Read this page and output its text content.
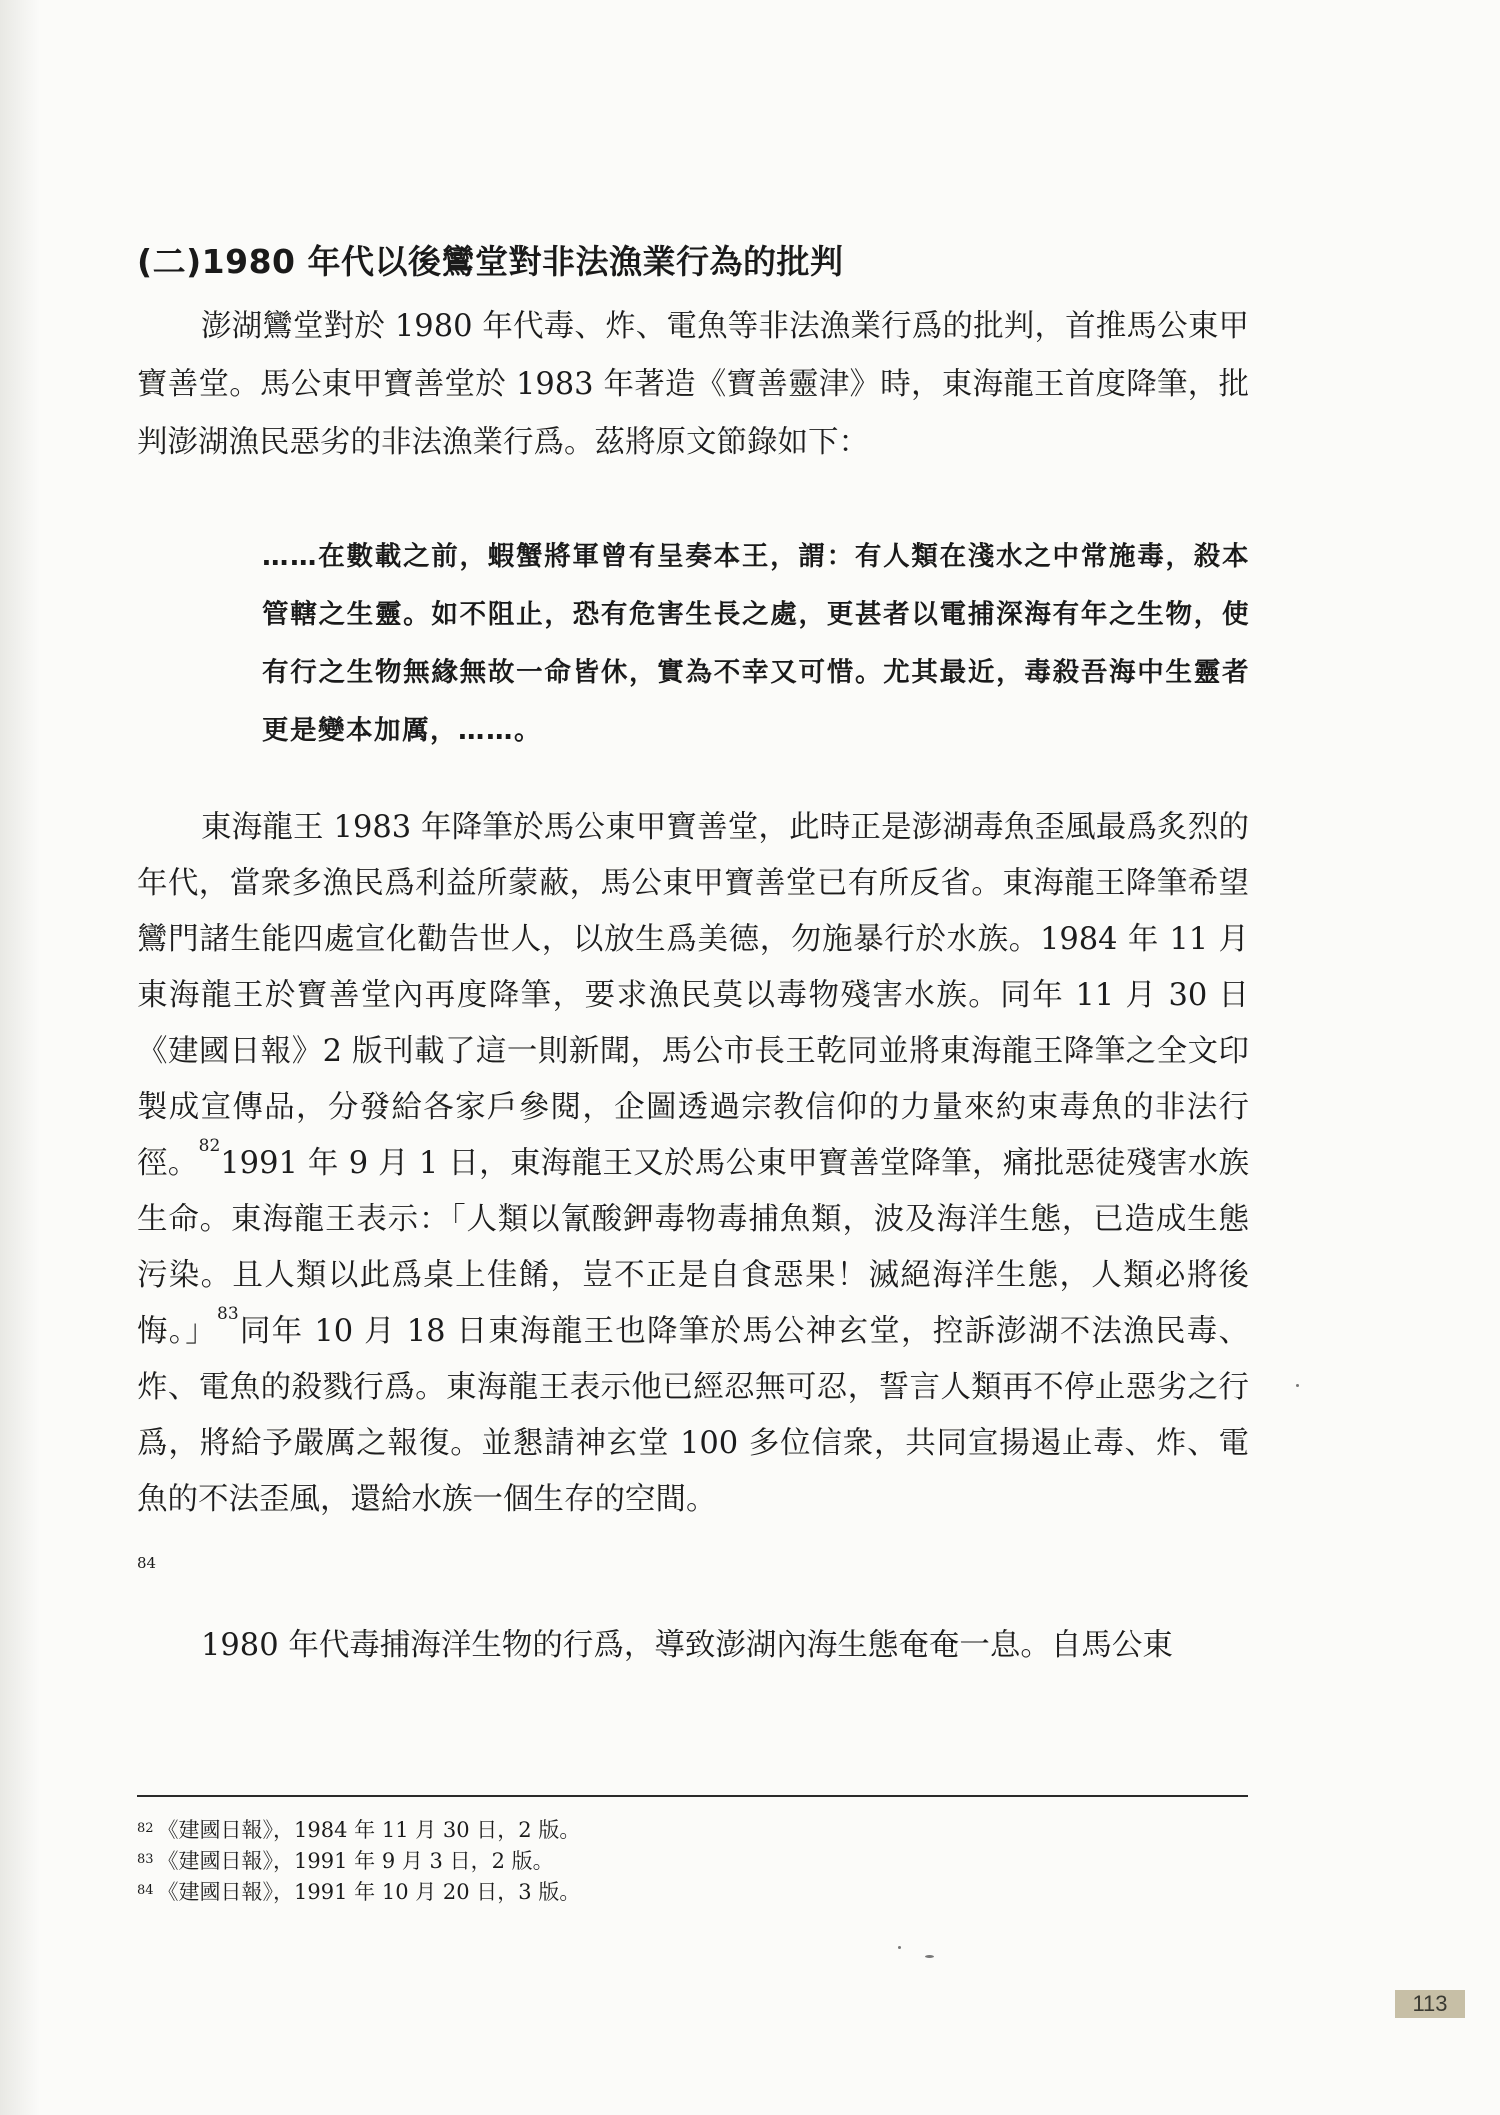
(二)1980 年代以後鸞堂對非法漁業行為的批判
澎湖鸞堂對於 1980 年代毒、炸、電魚等非法漁業行爲的批判，首推馬公東甲寶善堂。馬公東甲寶善堂於 1983 年著造《寶善靈津》時，東海龍王首度降筆，批判澎湖漁民惡劣的非法漁業行爲。茲將原文節錄如下：
……在數載之前，蝦蟹將軍曾有呈奏本王，謂：有人類在淺水之中常施毒，殺本管轄之生靈。如不阻止，恐有危害生長之處，更甚者以電捕深海有年之生物，使有行之生物無緣無故一命皆休，實為不幸又可惜。尤其最近，毒殺吾海中生靈者更是變本加厲，……。
東海龍王 1983 年降筆於馬公東甲寶善堂，此時正是澎湖毒魚歪風最爲炙烈的年代，當衆多漁民爲利益所蒙蔽，馬公東甲寶善堂已有所反省。東海龍王降筆希望鸞門諸生能四處宣化勸告世人，以放生爲美德，勿施暴行於水族。1984 年 11 月東海龍王於寶善堂內再度降筆，要求漁民莫以毒物殘害水族。同年 11 月 30 日《建國日報》2 版刊載了這一則新聞，馬公市長王乾同並將東海龍王降筆之全文印製成宣傳品，分發給各家戶參閱，企圖透過宗教信仰的力量來約束毒魚的非法行徑。$^{82}$1991 年 9 月 1 日，東海龍王又於馬公東甲寶善堂降筆，痛批惡徒殘害水族生命。東海龍王表示：「人類以氰酸鉀毒物毒捕魚類，波及海洋生態，已造成生態污染。且人類以此爲桌上佳餚，豈不正是自食惡果！滅絕海洋生態，人類必將後悔。」$^{83}$同年 10 月 18 日東海龍王也降筆於馬公神玄堂，控訴澎湖不法漁民毒、炸、電魚的殺戮行爲。東海龍王表示他已經忍無可忍，誓言人類再不停止惡劣之行爲，將給予嚴厲之報復。並懇請神玄堂 100 多位信衆，共同宣揚遏止毒、炸、電魚的不法歪風，還給水族一個生存的空間。
84
1980 年代毒捕海洋生物的行爲，導致澎湖內海生態奄奄一息。自馬公東
$^{82}$ 《建國日報》，1984 年 11 月 30 日，2 版。
$^{83}$ 《建國日報》，1991 年 9 月 3 日，2 版。
$^{84}$ 《建國日報》，1991 年 10 月 20 日，3 版。
113
